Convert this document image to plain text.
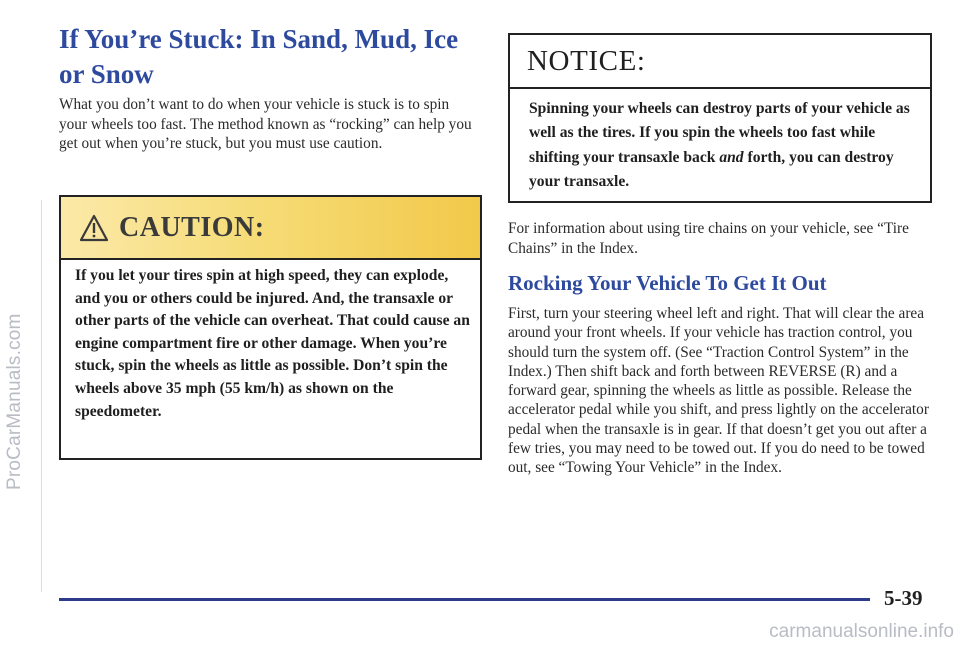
ProCarManuals.com
If You’re Stuck: In Sand, Mud, Ice or Snow

What you don’t want to do when your vehicle is stuck is to spin your wheels too fast. The method known as “rocking” can help you get out when you’re stuck, but you must use caution.

CAUTION:
If you let your tires spin at high speed, they can explode, and you or others could be injured. And, the transaxle or other parts of the vehicle can overheat. That could cause an engine compartment fire or other damage. When you’re stuck, spin the wheels as little as possible. Don’t spin the wheels above 35 mph (55 km/h) as shown on the speedometer.
NOTICE:
Spinning your wheels can destroy parts of your vehicle as well as the tires. If you spin the wheels too fast while shifting your transaxle back and forth, you can destroy your transaxle.

For information about using tire chains on your vehicle, see “Tire Chains” in the Index.

Rocking Your Vehicle To Get It Out

First, turn your steering wheel left and right. That will clear the area around your front wheels. If your vehicle has traction control, you should turn the system off. (See “Traction Control System” in the Index.) Then shift back and forth between REVERSE (R) and a forward gear, spinning the wheels as little as possible. Release the accelerator pedal while you shift, and press lightly on the accelerator pedal when the transaxle is in gear. If that doesn’t get you out after a few tries, you may need to be towed out. If you do need to be towed out, see “Towing Your Vehicle” in the Index.

5-39
carmanualsonline.info
